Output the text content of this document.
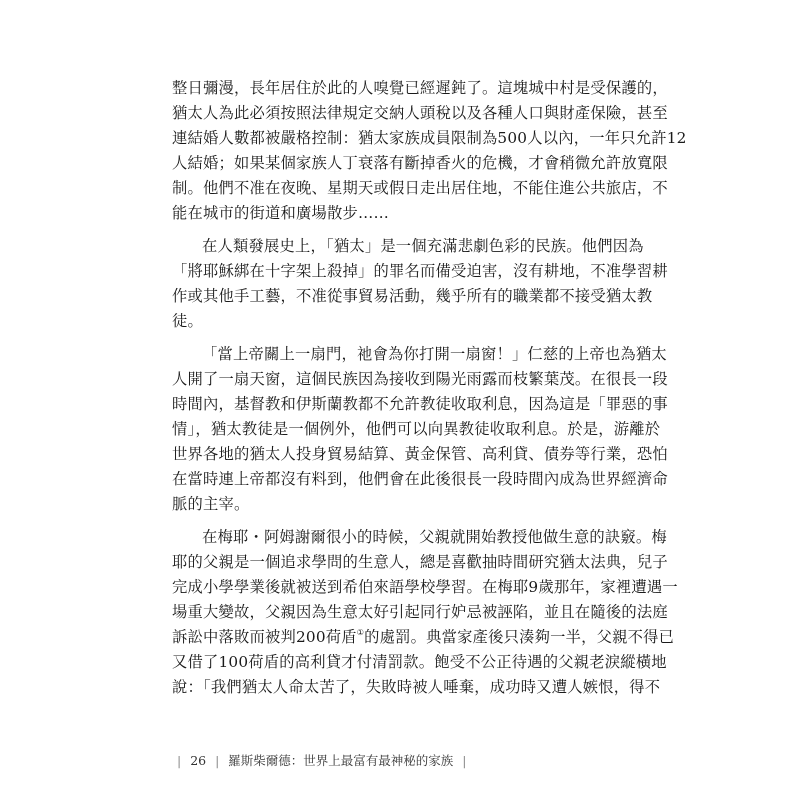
整日彌漫，長年居住於此的人嗅覺已經遲鈍了。這塊城中村是受保護的，
猶太人為此必須按照法律規定交納人頭稅以及各種人口與財產保險，甚至
連結婚人數都被嚴格控制：猶太家族成員限制為500人以內，一年只允許12
人結婚；如果某個家族人丁衰落有斷掉香火的危機，才會稍微允許放寬限
制。他們不准在夜晚、星期天或假日走出居住地，不能住進公共旅店，不
能在城市的街道和廣場散步……
在人類發展史上，「猶太」是一個充滿悲劇色彩的民族。他們因為
「將耶穌綁在十字架上殺掉」的罪名而備受迫害，沒有耕地，不准學習耕
作或其他手工藝，不准從事貿易活動，幾乎所有的職業都不接受猶太教
徒。
「當上帝關上一扇門，祂會為你打開一扇窗！」仁慈的上帝也為猶太
人開了一扇天窗，這個民族因為接收到陽光雨露而枝繁葉茂。在很長一段
時間內，基督教和伊斯蘭教都不允許教徒收取利息，因為這是「罪惡的事
情」，猶太教徒是一個例外，他們可以向異教徒收取利息。於是，游離於
世界各地的猶太人投身貿易結算、黃金保管、高利貸、債券等行業，恐怕
在當時連上帝都沒有料到，他們會在此後很長一段時間內成為世界經濟命
脈的主宰。
在梅耶・阿姆謝爾很小的時候，父親就開始教授他做生意的訣竅。梅
耶的父親是一個追求學問的生意人，總是喜歡抽時間研究猶太法典，兒子
完成小學學業後就被送到希伯來語學校學習。在梅耶9歲那年，家裡遭遇一
場重大變故，父親因為生意太好引起同行妒忌被誣陷，並且在隨後的法庭
訴訟中落敗而被判200荷盾①的處罰。典當家產後只湊夠一半，父親不得已
又借了100荷盾的高利貸才付清罰款。飽受不公正待遇的父親老淚縱橫地
說：「我們猶太人命太苦了，失敗時被人唾棄，成功時又遭人嫉恨，得不
| 26 | 羅斯柴爾德：世界上最富有最神秘的家族 |
